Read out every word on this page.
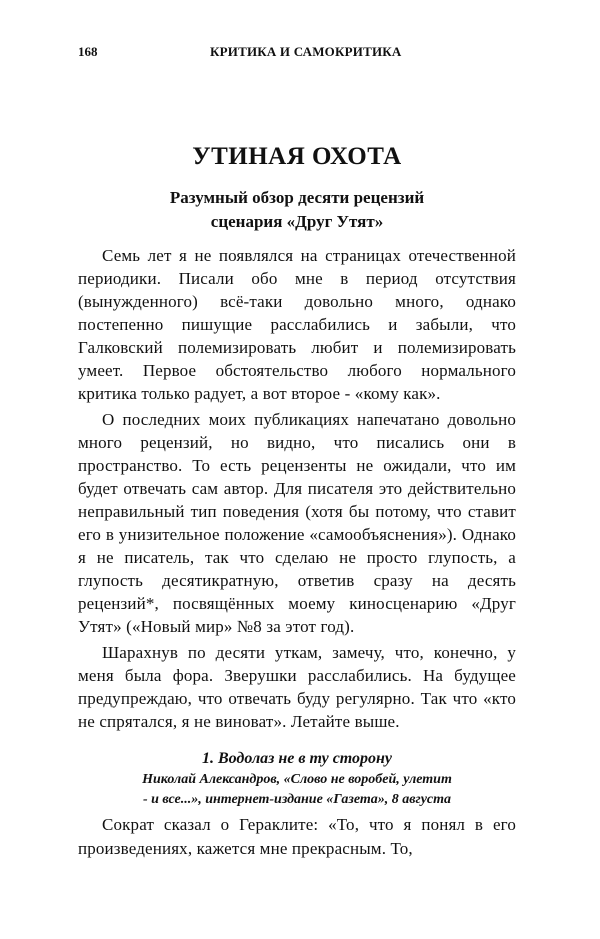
168	КРИТИКА И САМОКРИТИКА
УТИНАЯ ОХОТА
Разумный обзор десяти рецензий
сценария «Друг Утят»

Семь лет я не появлялся на страницах отечественной периодики. Писали обо мне в период отсутствия (вынужденного) всё-таки довольно много, однако постепенно пишущие расслабились и забыли, что Галковский полемизировать любит и полемизировать умеет. Первое обстоятельство любого нормального критика только радует, а вот второе - «кому как».

О последних моих публикациях напечатано довольно много рецензий, но видно, что писались они в пространство. То есть рецензенты не ожидали, что им будет отвечать сам автор. Для писателя это действительно неправильный тип поведения (хотя бы потому, что ставит его в унизительное положение «самообъяснения»). Однако я не писатель, так что сделаю не просто глупость, а глупость десятикратную, ответив сразу на десять рецензий*, посвящённых моему киносценарию «Друг Утят» («Новый мир» №8 за этот год).

Шарахнув по десяти уткам, замечу, что, конечно, у меня была фора. Зверушки расслабились. На будущее предупреждаю, что отвечать буду регулярно. Так что «кто не спрятался, я не виноват». Летайте выше.

1. Водолаз не в ту сторону
Николай Александров, «Слово не воробей, улетит
- и все...», интернет-издание «Газета», 8 августа

Сократ сказал о Гераклите: «То, что я понял в его произведениях, кажется мне прекрасным. То,
